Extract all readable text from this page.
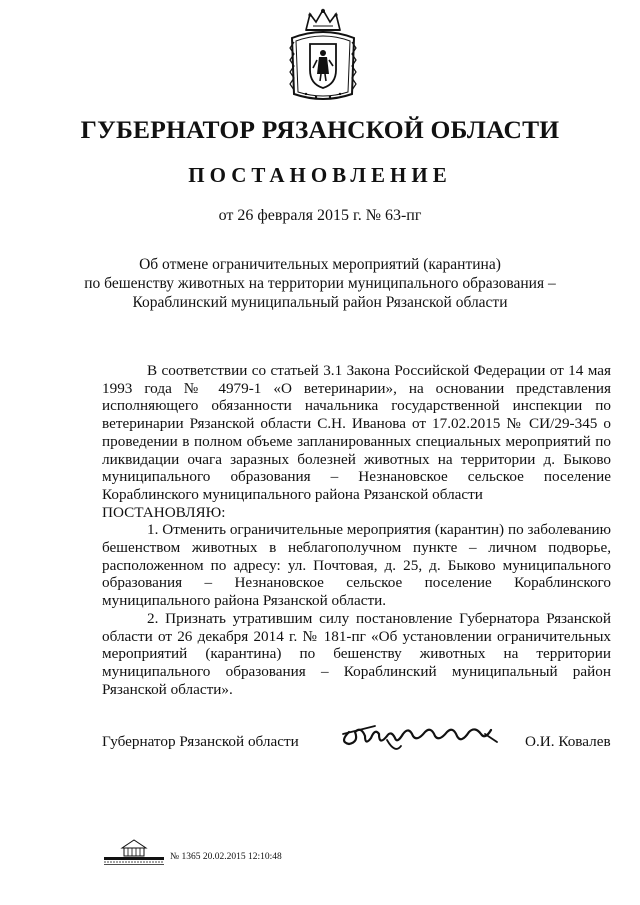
ГУБЕРНАТОР РЯЗАНСКОЙ ОБЛАСТИ
ПОСТАНОВЛЕНИЕ
от 26 февраля 2015 г. № 63-пг
Об отмене ограничительных мероприятий (карантина)
по бешенству животных на территории муниципального образования –
Кораблинский муниципальный район Рязанской области

В соответствии со статьей 3.1 Закона Российской Федерации от 14 мая 1993 года № 4979-1 «О ветеринарии», на основании представления исполняющего обязанности начальника государственной инспекции по ветеринарии Рязанской области С.Н. Иванова от 17.02.2015 № СИ/29-345 о проведении в полном объеме запланированных специальных мероприятий по ликвидации очага заразных болезней животных на территории д. Быково муниципального образования – Незнановское сельское поселение Кораблинского муниципального района Рязанской области

ПОСТАНОВЛЯЮ:

1. Отменить ограничительные мероприятия (карантин) по заболеванию бешенством животных в неблагополучном пункте – личном подворье, расположенном по адресу: ул. Почтовая, д. 25, д. Быково муниципального образования – Незнановское сельское поселение Кораблинского муниципального района Рязанской области.

2. Признать утратившим силу постановление Губернатора Рязанской области от 26 декабря 2014 г. № 181-пг «Об установлении ограничительных мероприятий (карантина) по бешенству животных на территории муниципального образования – Кораблинский муниципальный район Рязанской области».

Губернатор Рязанской области	О.И. Ковалев
№ 1365 20.02.2015 12:10:48
